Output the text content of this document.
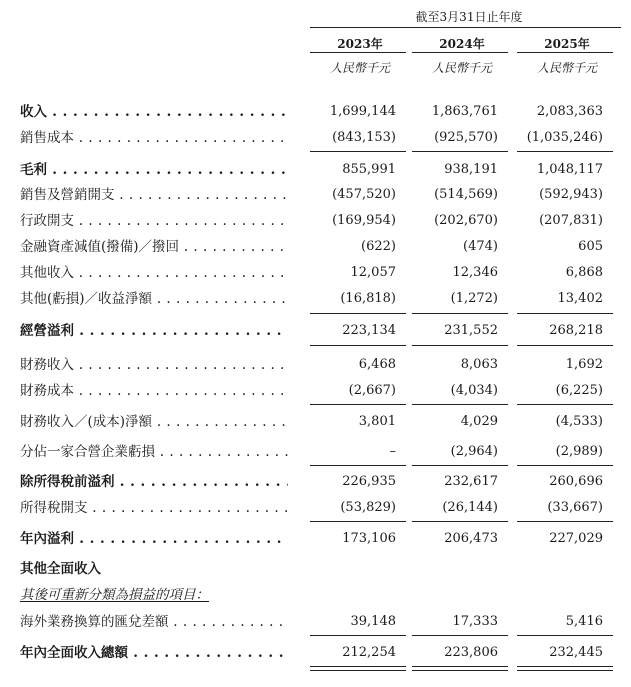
截至3月31日止年度
2023年	2024年	2025年
人民幣千元	人民幣千元	人民幣千元
收入 . . .	1,699,144	1,863,761	2,083,363
銷售成本 . . .	(843,153)	(925,570)	(1,035,246)
毛利 . . .	855,991	938,191	1,048,117
銷售及營銷開支 . . .	(457,520)	(514,569)	(592,943)
行政開支 . . .	(169,954)	(202,670)	(207,831)
金融資產減值(撥備)／撥回 . . .	(622)	(474)	605
其他收入 . . .	12,057	12,346	6,868
其他(虧損)／收益淨額 . . .	(16,818)	(1,272)	13,402
經營溢利 . . .	223,134	231,552	268,218
財務收入 . . .	6,468	8,063	1,692
財務成本 . . .	(2,667)	(4,034)	(6,225)
財務收入／(成本)淨額 . . .	3,801	4,029	(4,533)
分佔一家合營企業虧損 . . .	–	(2,964)	(2,989)
除所得稅前溢利 . . .	226,935	232,617	260,696
所得稅開支 . . .	(53,829)	(26,144)	(33,667)
年內溢利 . . .	173,106	206,473	227,029
其他全面收入
其後可重新分類為損益的項目：
海外業務換算的匯兌差額 . . .	39,148	17,333	5,416
年內全面收入總額 . . .	212,254	223,806	232,445
